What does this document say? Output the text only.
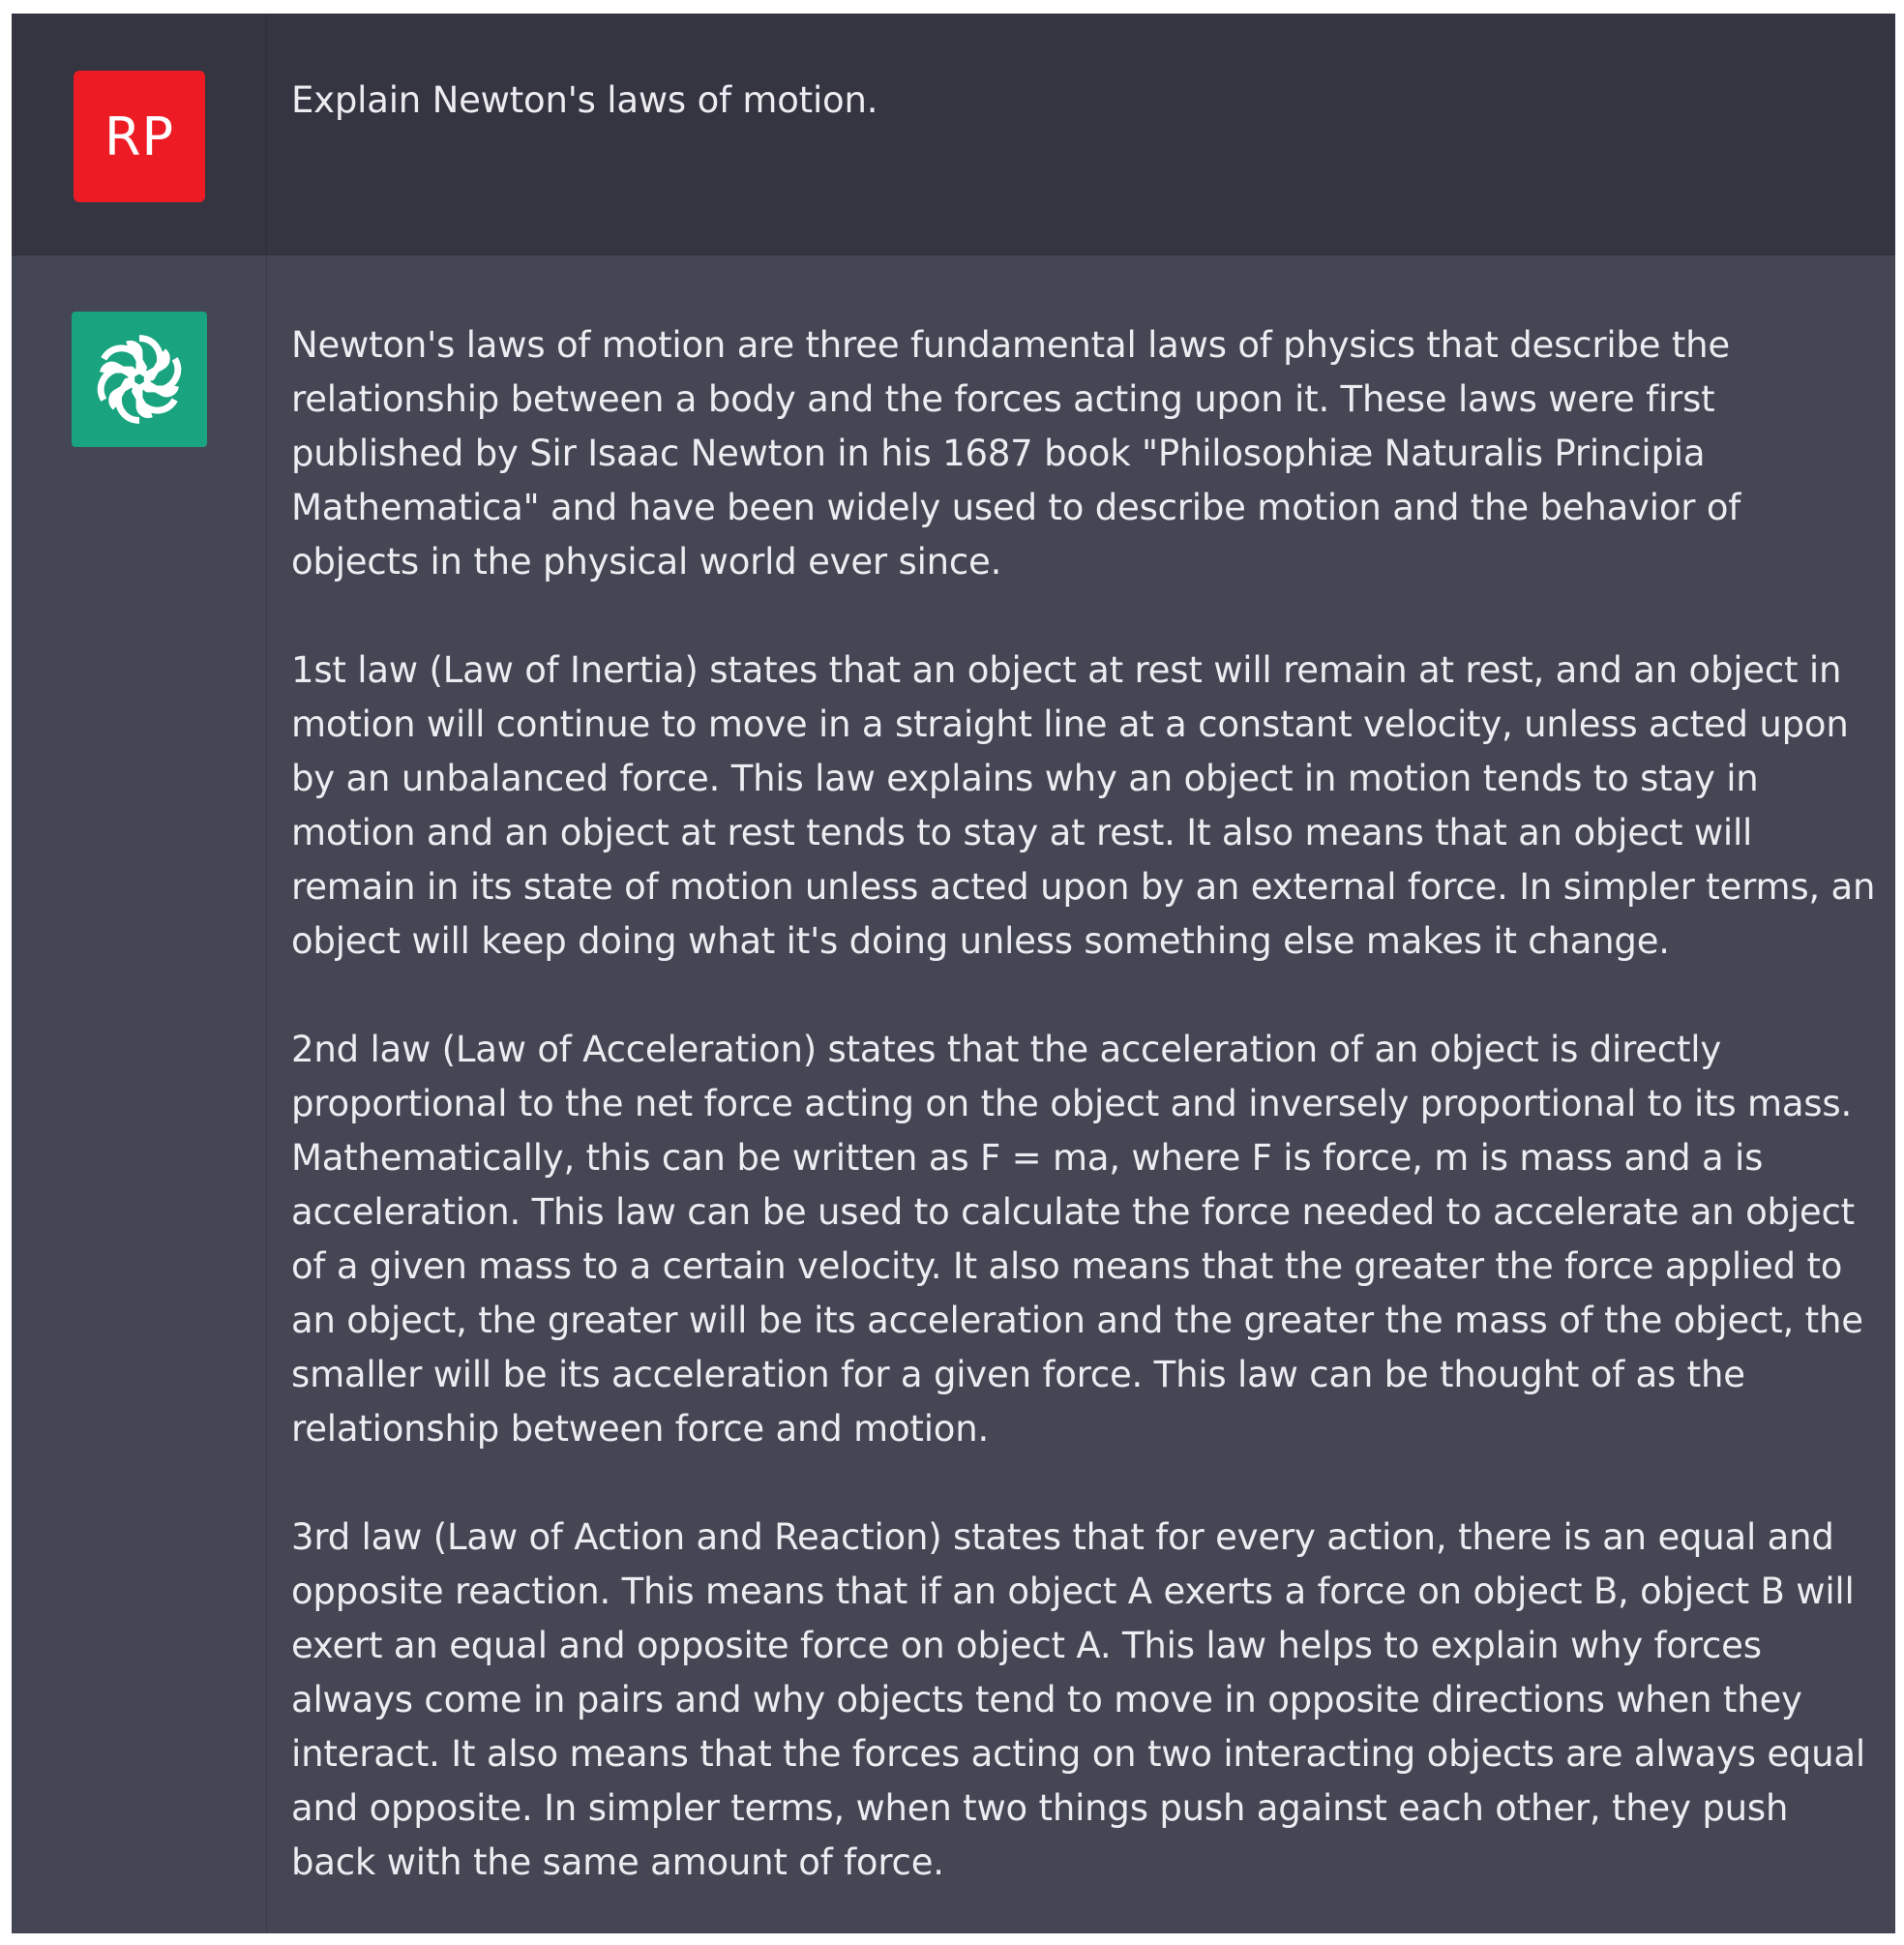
RP
Explain Newton's laws of motion.

Newton's laws of motion are three fundamental laws of physics that describe the relationship between a body and the forces acting upon it. These laws were first published by Sir Isaac Newton in his 1687 book "Philosophiæ Naturalis Principia Mathematica" and have been widely used to describe motion and the behavior of objects in the physical world ever since.

1st law (Law of Inertia) states that an object at rest will remain at rest, and an object in motion will continue to move in a straight line at a constant velocity, unless acted upon by an unbalanced force. This law explains why an object in motion tends to stay in motion and an object at rest tends to stay at rest. It also means that an object will remain in its state of motion unless acted upon by an external force. In simpler terms, an object will keep doing what it's doing unless something else makes it change.

2nd law (Law of Acceleration) states that the acceleration of an object is directly proportional to the net force acting on the object and inversely proportional to its mass. Mathematically, this can be written as F = ma, where F is force, m is mass and a is acceleration. This law can be used to calculate the force needed to accelerate an object of a given mass to a certain velocity. It also means that the greater the force applied to an object, the greater will be its acceleration and the greater the mass of the object, the smaller will be its acceleration for a given force. This law can be thought of as the relationship between force and motion.

3rd law (Law of Action and Reaction) states that for every action, there is an equal and opposite reaction. This means that if an object A exerts a force on object B, object B will exert an equal and opposite force on object A. This law helps to explain why forces always come in pairs and why objects tend to move in opposite directions when they interact. It also means that the forces acting on two interacting objects are always equal and opposite. In simpler terms, when two things push against each other, they push back with the same amount of force.
